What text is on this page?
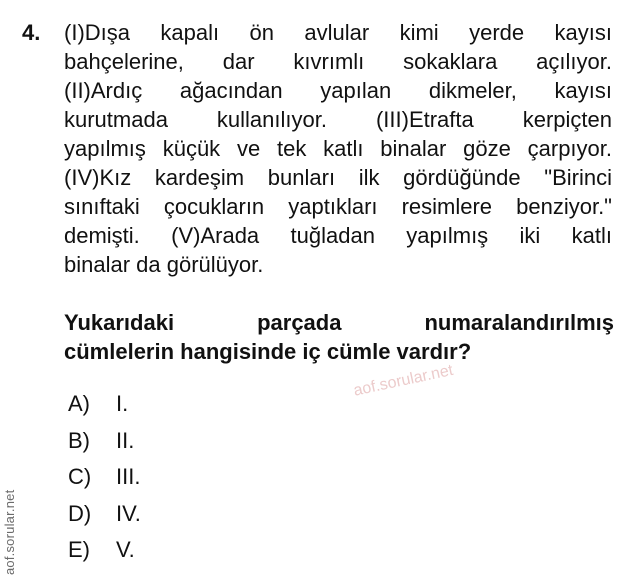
4. (I)Dışa kapalı ön avlular kimi yerde kayısı
bahçelerine, dar kıvrımlı sokaklara açılıyor.
(II)Ardıç ağacından yapılan dikmeler, kayısı
kurutmada kullanılıyor. (III)Etrafta kerpiçten
yapılmış küçük ve tek katlı binalar göze çarpıyor.
(IV)Kız kardeşim bunları ilk gördüğünde "Birinci
sınıftaki çocukların yaptıkları resimlere benziyor."
demişti. (V)Arada tuğladan yapılmış iki katlı
binalar da görülüyor.

Yukarıdaki parçada numaralandırılmış
cümlelerin hangisinde iç cümle vardır?

A)	I.
B)	II.
C)	III.
D)	IV.
E)	V.
aof.sorular.net
aof.sorular.net
